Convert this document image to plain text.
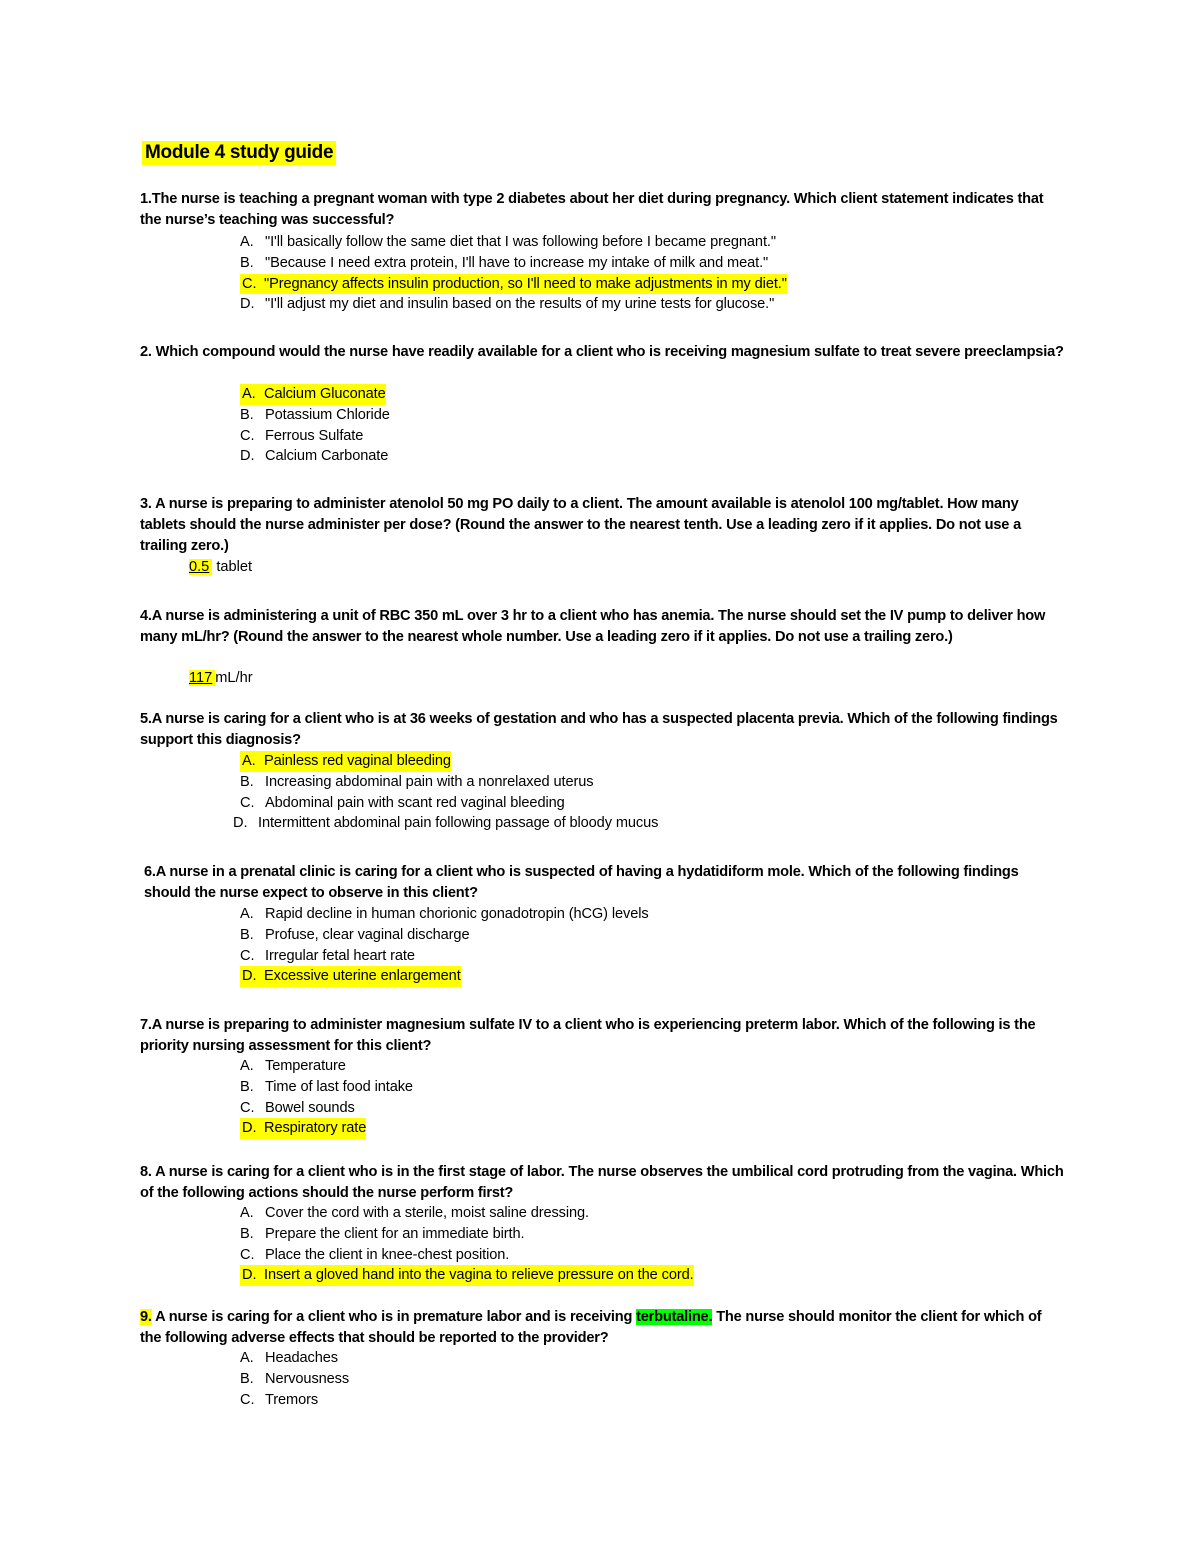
Module 4 study guide
1.The nurse is teaching a pregnant woman with type 2 diabetes about her diet during pregnancy. Which client statement indicates that the nurse’s teaching was successful?
A. "I'll basically follow the same diet that I was following before I became pregnant."
B. "Because I need extra protein, I'll have to increase my intake of milk and meat."
C. "Pregnancy affects insulin production, so I'll need to make adjustments in my diet."
D. "I'll adjust my diet and insulin based on the results of my urine tests for glucose."
2. Which compound would the nurse have readily available for a client who is receiving magnesium sulfate to treat severe preeclampsia?
A. Calcium Gluconate
B. Potassium Chloride
C. Ferrous Sulfate
D. Calcium Carbonate
3. A nurse is preparing to administer atenolol 50 mg PO daily to a client. The amount available is atenolol 100 mg/tablet. How many tablets should the nurse administer per dose? (Round the answer to the nearest tenth. Use a leading zero if it applies. Do not use a trailing zero.)
0.5 tablet
4.A nurse is administering a unit of RBC 350 mL over 3 hr to a client who has anemia. The nurse should set the IV pump to deliver how many mL/hr? (Round the answer to the nearest whole number. Use a leading zero if it applies. Do not use a trailing zero.)
117 mL/hr
5.A nurse is caring for a client who is at 36 weeks of gestation and who has a suspected placenta previa. Which of the following findings support this diagnosis?
A. Painless red vaginal bleeding
B. Increasing abdominal pain with a nonrelaxed uterus
C. Abdominal pain with scant red vaginal bleeding
D. Intermittent abdominal pain following passage of bloody mucus
6.A nurse in a prenatal clinic is caring for a client who is suspected of having a hydatidiform mole. Which of the following findings should the nurse expect to observe in this client?
A. Rapid decline in human chorionic gonadotropin (hCG) levels
B. Profuse, clear vaginal discharge
C. Irregular fetal heart rate
D. Excessive uterine enlargement
7.A nurse is preparing to administer magnesium sulfate IV to a client who is experiencing preterm labor. Which of the following is the priority nursing assessment for this client?
A. Temperature
B. Time of last food intake
C. Bowel sounds
D. Respiratory rate
8. A nurse is caring for a client who is in the first stage of labor. The nurse observes the umbilical cord protruding from the vagina. Which of the following actions should the nurse perform first?
A. Cover the cord with a sterile, moist saline dressing.
B. Prepare the client for an immediate birth.
C. Place the client in knee-chest position.
D. Insert a gloved hand into the vagina to relieve pressure on the cord.
9. A nurse is caring for a client who is in premature labor and is receiving terbutaline. The nurse should monitor the client for which of the following adverse effects that should be reported to the provider?
A. Headaches
B. Nervousness
C. Tremors
